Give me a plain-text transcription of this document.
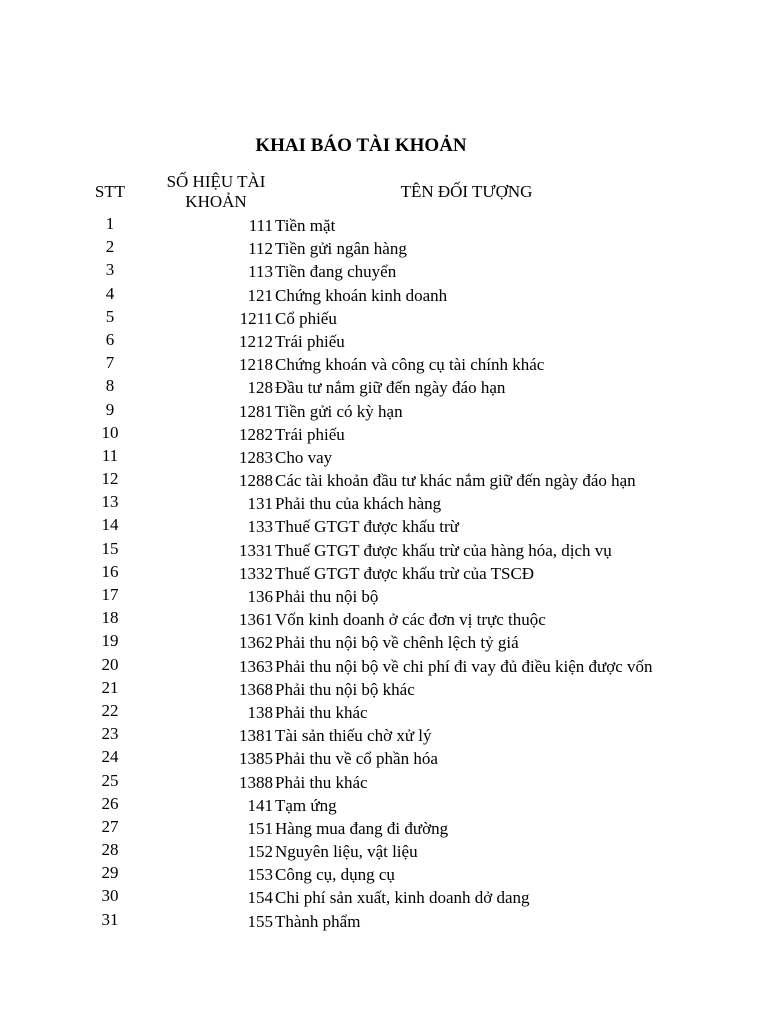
KHAI BÁO TÀI KHOẢN
STT
SỐ HIỆU TÀI
KHOẢN
TÊN ĐỐI TƯỢNG
1	111 Tiền mặt
2	112 Tiền gửi ngân hàng
3	113 Tiền đang chuyển
4	121 Chứng khoán kinh doanh
5	1211 Cổ phiếu
6	1212 Trái phiếu
7	1218 Chứng khoán và công cụ tài chính khác
8	128 Đầu tư nắm giữ đến ngày đáo hạn
9	1281 Tiền gửi có kỳ hạn
10	1282 Trái phiếu
11	1283 Cho vay
12	1288 Các tài khoản đầu tư khác nắm giữ đến ngày đáo hạn
13	131 Phải thu của khách hàng
14	133 Thuế GTGT được khấu trừ
15	1331 Thuế GTGT được khấu trừ của hàng hóa, dịch vụ
16	1332 Thuế GTGT được khấu trừ của TSCĐ
17	136 Phải thu nội bộ
18	1361 Vốn kinh doanh ở các đơn vị trực thuộc
19	1362 Phải thu nội bộ về chênh lệch tỷ giá
20	1363 Phải thu nội bộ về chi phí đi vay đủ điều kiện được vốn
21	1368 Phải thu nội bộ khác
22	138 Phải thu khác
23	1381 Tài sản thiếu chờ xử lý
24	1385 Phải thu về cổ phần hóa
25	1388 Phải thu khác
26	141 Tạm ứng
27	151 Hàng mua đang đi đường
28	152 Nguyên liệu, vật liệu
29	153 Công cụ, dụng cụ
30	154 Chi phí sản xuất, kinh doanh dở dang
31	155 Thành phẩm
